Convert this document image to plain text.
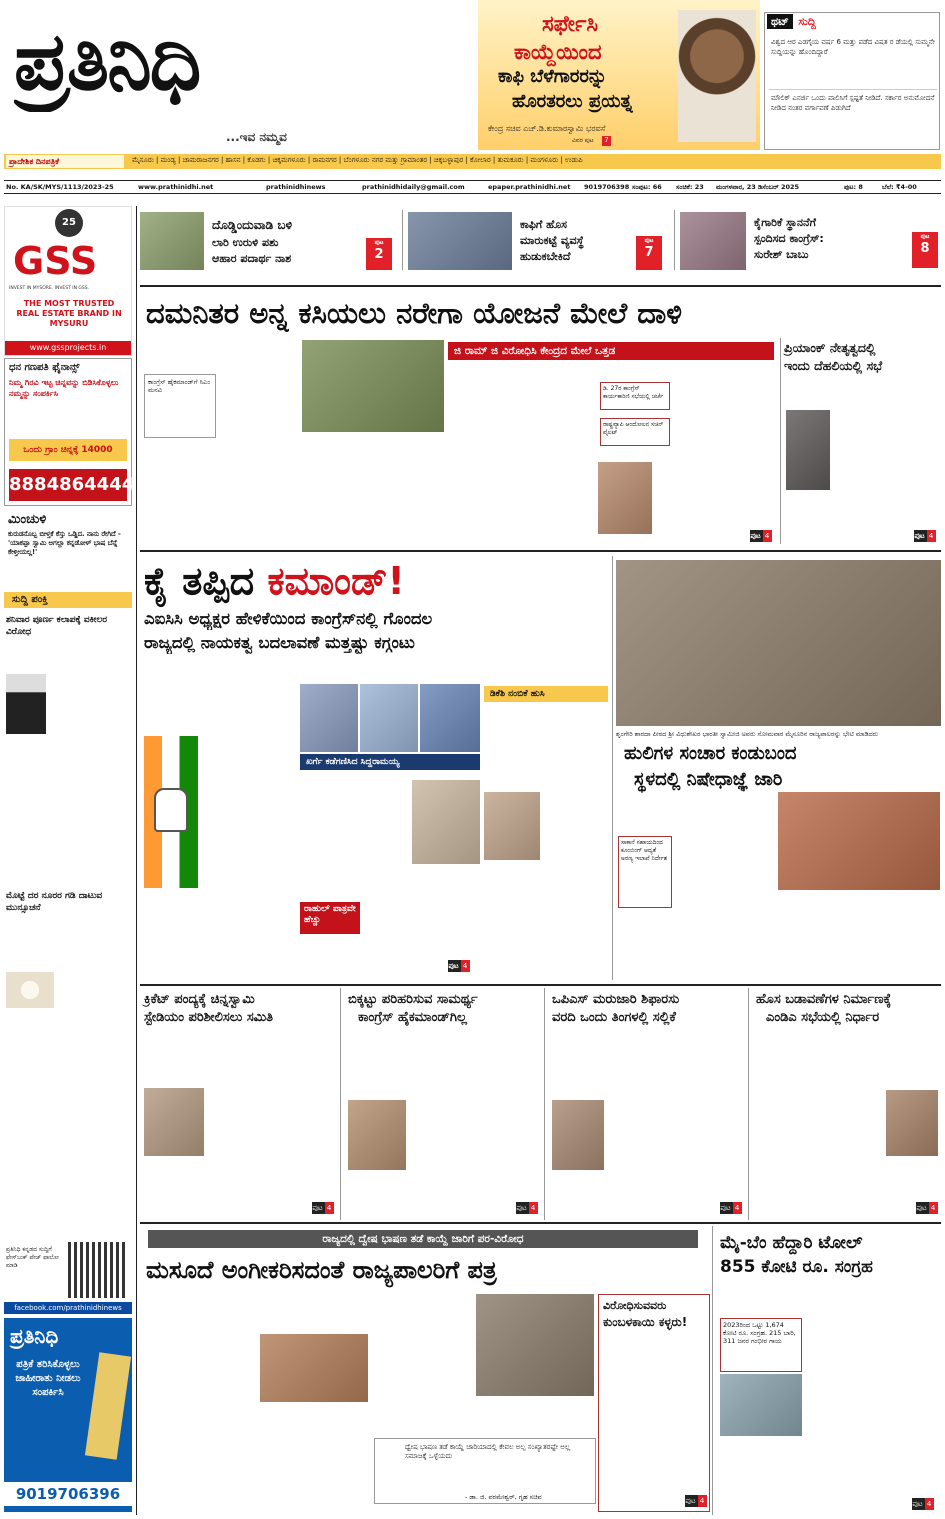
ಪ್ರತಿನಿಧಿ
...ಇವ ನಮ್ಮವ
ಸರ್ಫೇಸಿ
ಕಾಯ್ದೆಯಿಂದ
ಕಾಫಿ ಬೆಳೆಗಾರರನ್ನು
ಹೊರತರಲು ಪ್ರಯತ್ನ
ಕೇಂದ್ರ ಸಚಿವ ಎಚ್.ಡಿ.ಕುಮಾರಸ್ವಾಮಿ ಭರವಸೆ
ವಿವರ ಪುಟ	7
ಥಟ್ ಸುದ್ದಿ
ವಿಶ್ವದ ಆರ ಎಡಗೈಯ ವರ್ಷ 6 ಮತ್ತು ಪಡೆದ ವಿಷತ ರ ಡೆಯಲ್ಲಿ ಸುಮ್ಮನೇ ಸುದ್ದಿಯನ್ನು ಹೊಂದಿದ್ದಾರೆ
ಮೌಲಿಕ್ ಎನರ್ಜಿ ಒಂದು ಪಾಲಿಸಿಗೆ ಸ್ಪಷ್ಟತೆ ನೀಡಿದೆ. ಸರ್ಕಾರ ಅನುಮೋದನೆ ನೀಡಿದ ನಂತರ ವರ್ಗಾವಣೆ ಪಿಡುಗಿದೆ
ಪ್ರಾದೇಶಿಕ ದಿನಪತ್ರಿಕೆ	ಮೈಸೂರು | ಮಂಡ್ಯ | ಚಾಮರಾಜನಗರ | ಹಾಸನ | ಕೊಡಗು | ಚಿಕ್ಕಮಗಳೂರು | ರಾಮನಗರ | ಬೆಂಗಳೂರು ನಗರ ಮತ್ತು ಗ್ರಾಮಾಂತರ | ಚಿಕ್ಕಬಳ್ಳಾಪುರ | ಕೋಲಾರ | ತುಮಕೂರು | ಮಂಗಳೂರು | ಉಡುಪಿ
No. KA/SK/MYS/1113/2023-25	www.prathinidhi.net	prathinidhinews	prathinidhidaily@gmail.com	epaper.prathinidhi.net 9019706398 ಸಂಪುಟ: 66 ಸಂಚಿಕೆ: 23 ಮಂಗಳವಾರ, 23 ಡಿಸೆಂಬರ್ 2025	ಪುಟ: 8	ಬೆಲೆ: ₹4-00
25
GSS
INVEST IN MYSORE. INVEST IN GSS.
THE MOST TRUSTED REAL ESTATE BRAND IN MYSURU
www.gssprojects.in
ಧನ ಗಣಪತಿ ಫೈನಾನ್ಸ್
ನಿಮ್ಮ ಗಿರವಿ ಇಟ್ಟ ಚಿನ್ನವನ್ನು ಬಿಡಿಸಿಕೊಳ್ಳಲು ನಮ್ಮನ್ನು ಸಂಪರ್ಕಿಸಿ
ಒಂದು ಗ್ರಾಂ ಚಿನ್ನಕ್ಕೆ 14000
8884864444
ಮಿಂಚುಳಿ
ಕುರುಡನೊಬ್ಬ ಬೀಳ್ತಕೆ ಕೆಸ್ತು ಒಡ್ಡಿದ. ನಾನು ರೇಗಿದೆ - 'ಯಾಕಪ್ಪಾ ಸ್ವಾಮಿ ಅಗಲ್ಲಾ ಕನ್ನಡೋಳ್ ಭಾಷ ಬೆನ್ನೆ ಕೇಳ್ತೀಯಲ್ಲ!'
ಸುದ್ದಿ ಪಂಕ್ತಿ
ಶನಿವಾರ ಪೂರ್ಣ ಕಲಾಪಕ್ಕೆ ವಕೀಲರ ವಿರೋಧ
ಮೊಟ್ಟೆ ದರ ನೂರರ ಗಡಿ ದಾಟುವ ಮುನ್ಸೂಚನೆ
ಪ್ರತಿನಿಧಿ ಕನ್ನಡದ ಸುದ್ದಿಗೆ ಫೇಸ್‌ಬುಕ್ ಪೇಜ್ ಫಾಲೋ ಮಾಡಿ
facebook.com/prathinidhinews
ಪ್ರತಿನಿಧಿ
ಪತ್ರಿಕೆ ತರಿಸಿಕೊಳ್ಳಲು ಜಾಹೀರಾತು ನೀಡಲು ಸಂಪರ್ಕಿಸಿ
9019706396
ದೊಡ್ಡಿಂದುವಾಡಿ ಬಳಿ
ಲಾರಿ ಉರುಳಿ ಪಶು
ಆಹಾರ ಪದಾರ್ಥ ನಾಶ
ಪುಟ
2
ಕಾಫಿಗೆ ಹೊಸ
ಮಾರುಕಟ್ಟೆ ವ್ಯವಸ್ಥೆ
ಹುಡುಕಬೇಕಿದೆ
ಪುಟ
7
ಕೈಗಾರಿಕೆ ಸ್ಥಾನನೆಗೆ
ಸ್ಪಂದಿಸದ ಕಾಂಗ್ರೆಸ್:
ಸುರೇಶ್ ಬಾಬು
ಪುಟ
8
ದಮನಿತರ ಅನ್ನ ಕಸಿಯಲು ನರೇಗಾ ಯೋಜನೆ ಮೇಲೆ ದಾಳಿ
ಕಾಂಗ್ರೆಸ್ ಹೈಕಮಾಂಡ್‌ಗೆ ಸಿಎಂ ಮನವಿ
ಜಿ ರಾಮ್ ಜಿ ವಿರೋಧಿಸಿ ಕೇಂದ್ರದ ಮೇಲೆ ಒತ್ತಡ
ಡಿ. 27ರ ಕಾಂಗ್ರೆಸ್ ಕಾರ್ಯಕಾರಿಣಿ ಸಭೆಯಲ್ಲಿ ಚರ್ಚೆ
ರಾಷ್ಟ್ರವ್ಯಾಪಿ ಆಂದೋಲನ ಸಚಿನ್ ಪೈಲಟ್
ಪುಟ 4
ಪ್ರಿಯಾಂಕ್ ನೇತೃತ್ವದಲ್ಲಿ
ಇಂದು ದೆಹಲಿಯಲ್ಲಿ ಸಭೆ
ಪುಟ 4
ಕೈ ತಪ್ಪಿದ ಕಮಾಂಡ್!
ಎಐಸಿಸಿ ಅಧ್ಯಕ್ಷರ ಹೇಳಿಕೆಯಿಂದ ಕಾಂಗ್ರೆಸ್‌ನಲ್ಲಿ ಗೊಂದಲ
ರಾಜ್ಯದಲ್ಲಿ ನಾಯಕತ್ವ ಬದಲಾವಣೆ ಮತ್ತಷ್ಟು ಕಗ್ಗಂಟು
ಖರ್ಗೆ ಕಡೆಗಣಿಸಿದ ಸಿದ್ದರಾಮಯ್ಯ
ಡಿಕೆಶಿ ನಂಬಿಕೆ ಹುಸಿ
ರಾಹುಲ್ ಪಾತ್ರವೇ ಹೆಚ್ಚು
ಪುಟ 4
ಶೃಂಗೇರಿ ಶಾರದಾ ಪೀಠದ ಶ್ರೀ ವಿಧುಶೇಖರ ಭಾರತೀ ಸ್ವಾಮೀಜಿ ಅವರು ಸೋಮವಾರ ಮೈಸೂರಿನ ರಾಜ್ಯಪಾಲರನ್ನು ಭೇಟಿ ಮಾಡಿದರು
ಹುಲಿಗಳ ಸಂಚಾರ ಕಂಡುಬಂದ
ಸ್ಥಳದಲ್ಲಿ ನಿಷೇಧಾಜ್ಞೆ ಜಾರಿ
ಸಾಕಾನೆ ಸಹಾಯದಿಂದ ಕೂಂಬಿಂಗ್ ಆದ್ಯತೆ ಅರಣ್ಯ ಇಲಾಖೆ ನಿರ್ದೇಶ
ಕ್ರಿಕೆಟ್ ಪಂದ್ಯಕ್ಕೆ ಚಿನ್ನಸ್ವಾಮಿ
ಸ್ಟೇಡಿಯಂ ಪರಿಶೀಲಿಸಲು ಸಮಿತಿ
ಪುಟ 4
ಬಿಕ್ಕಟ್ಟು ಪರಿಹರಿಸುವ ಸಾಮರ್ಥ್ಯ
ಕಾಂಗ್ರೆಸ್ ಹೈಕಮಾಂಡ್‌ಗಿಲ್ಲ
ಪುಟ 4
ಒಪಿಎಸ್ ಮರುಜಾರಿ ಶಿಫಾರಸು
ವರದಿ ಒಂದು ತಿಂಗಳಲ್ಲಿ ಸಲ್ಲಿಕೆ
ಪುಟ 4
ಹೊಸ ಬಡಾವಣೆಗಳ ನಿರ್ಮಾಣಕ್ಕೆ
ಎಂಡಿಎ ಸಭೆಯಲ್ಲಿ ನಿರ್ಧಾರ
ಪುಟ 4
ರಾಜ್ಯದಲ್ಲಿ ದ್ವೇಷ ಭಾಷಣ ತಡೆ ಕಾಯ್ದೆ ಜಾರಿಗೆ ಪರ-ವಿರೋಧ
ಮಸೂದೆ ಅಂಗೀಕರಿಸದಂತೆ ರಾಜ್ಯಪಾಲರಿಗೆ ಪತ್ರ
ಧ್ವೇಷ ಭಾಷಣ ತಡೆ ಕಾಯ್ದೆ ಜಾರಿಯಾದಲ್ಲಿ ಕೇವಲ ಅಲ್ಪ ಸಂಖ್ಯಾತರಷ್ಟೇ ಅಲ್ಲ ಸಮಾಜಕ್ಕೆ ಒಳ್ಳೆಯದು
- ಡಾ. ಜಿ. ಪರಮೇಶ್ವರ್, ಗೃಹ ಸಚಿವ
ವಿರೋಧಿಸುವವರು
ಕುಂಬಳಕಾಯಿ ಕಳ್ಳರು!
ಪುಟ 4
ಮೈ-ಬೆಂ ಹೆದ್ದಾರಿ ಟೋಲ್
855 ಕೋಟಿ ರೂ. ಸಂಗ್ರಹ
2023ರಿಂದ ಒಟ್ಟು 1,674 ಕೋಟಿ ರೂ. ಸಂಗ್ರಹ. 215 ಬಾರಿ, 311 ಜನರ ಗಂಭೀರ ಗಾಯ
ಪುಟ 4
